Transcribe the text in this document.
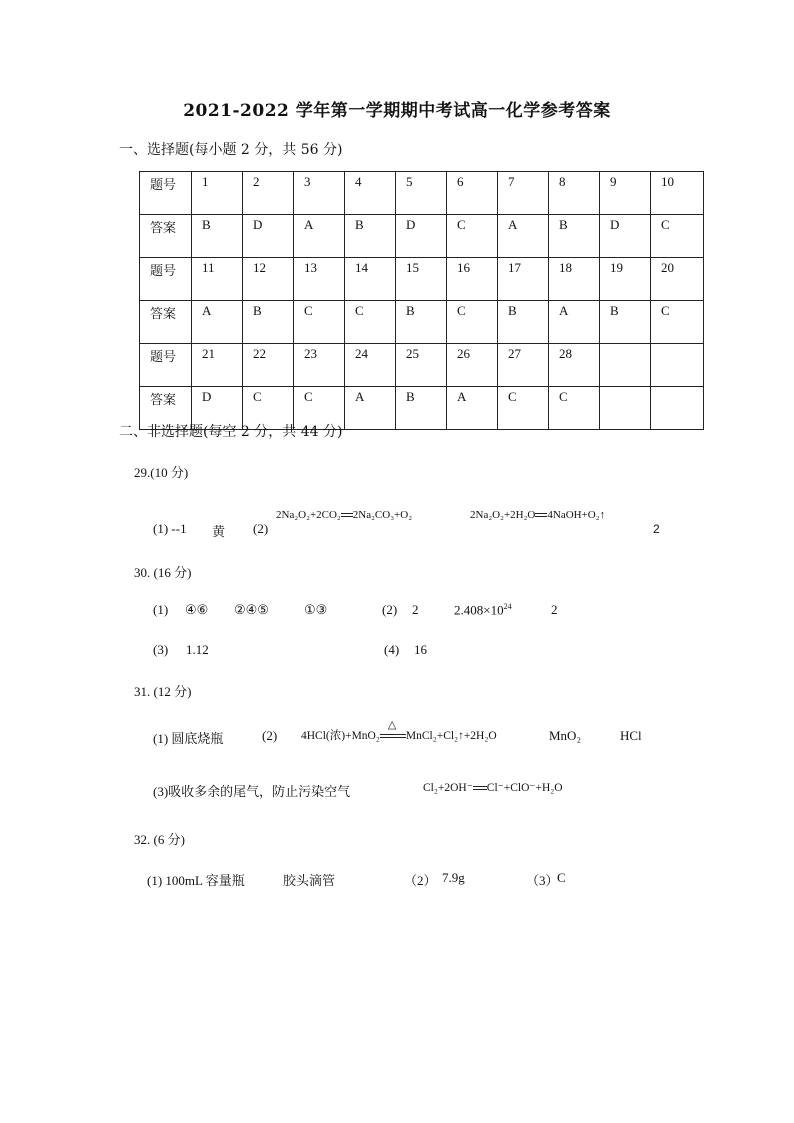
2021-2022 学年第一学期期中考试高一化学参考答案
一、选择题(每小题 2 分，共 56 分)
题号	1	2	3	4	5	6	7	8	9	10
答案	B	D	A	B	D	C	A	B	D	C
题号	11	12	13	14	15	16	17	18	19	20
答案	A	B	C	C	B	C	B	A	B	C
题号	21	22	23	24	25	26	27	28		
答案	D	C	C	A	B	A	C	C		
二、非选择题(每空 2 分，共 44 分)
29.(10 分)
(1) --1 黄 (2)
2Na₂O₂+2CO₂ 2Na₂CO₃+O₂	2Na₂O₂+2H₂O 4NaOH+O₂↑
2
30. (16 分)
(1) ④⑥ ②④⑤	①③	(2) 2	$2.408\times 10^{24}$	2
(3) 1.12	(4) 16
31. (12 分)
(1) 圆底烧瓶	(2) 4HCl(浓)+MnO₂
△
MnCl₂+Cl₂↑+2H₂O	MnO₂	HCl
(3)吸收多余的尾气，防止污染空气	Cl₂+2OH⁻ Cl⁻+ClO⁻+H₂O
32. (6 分)
(1) 100mL 容量瓶	胶头滴管	（2） 7.9g	（3）
C
